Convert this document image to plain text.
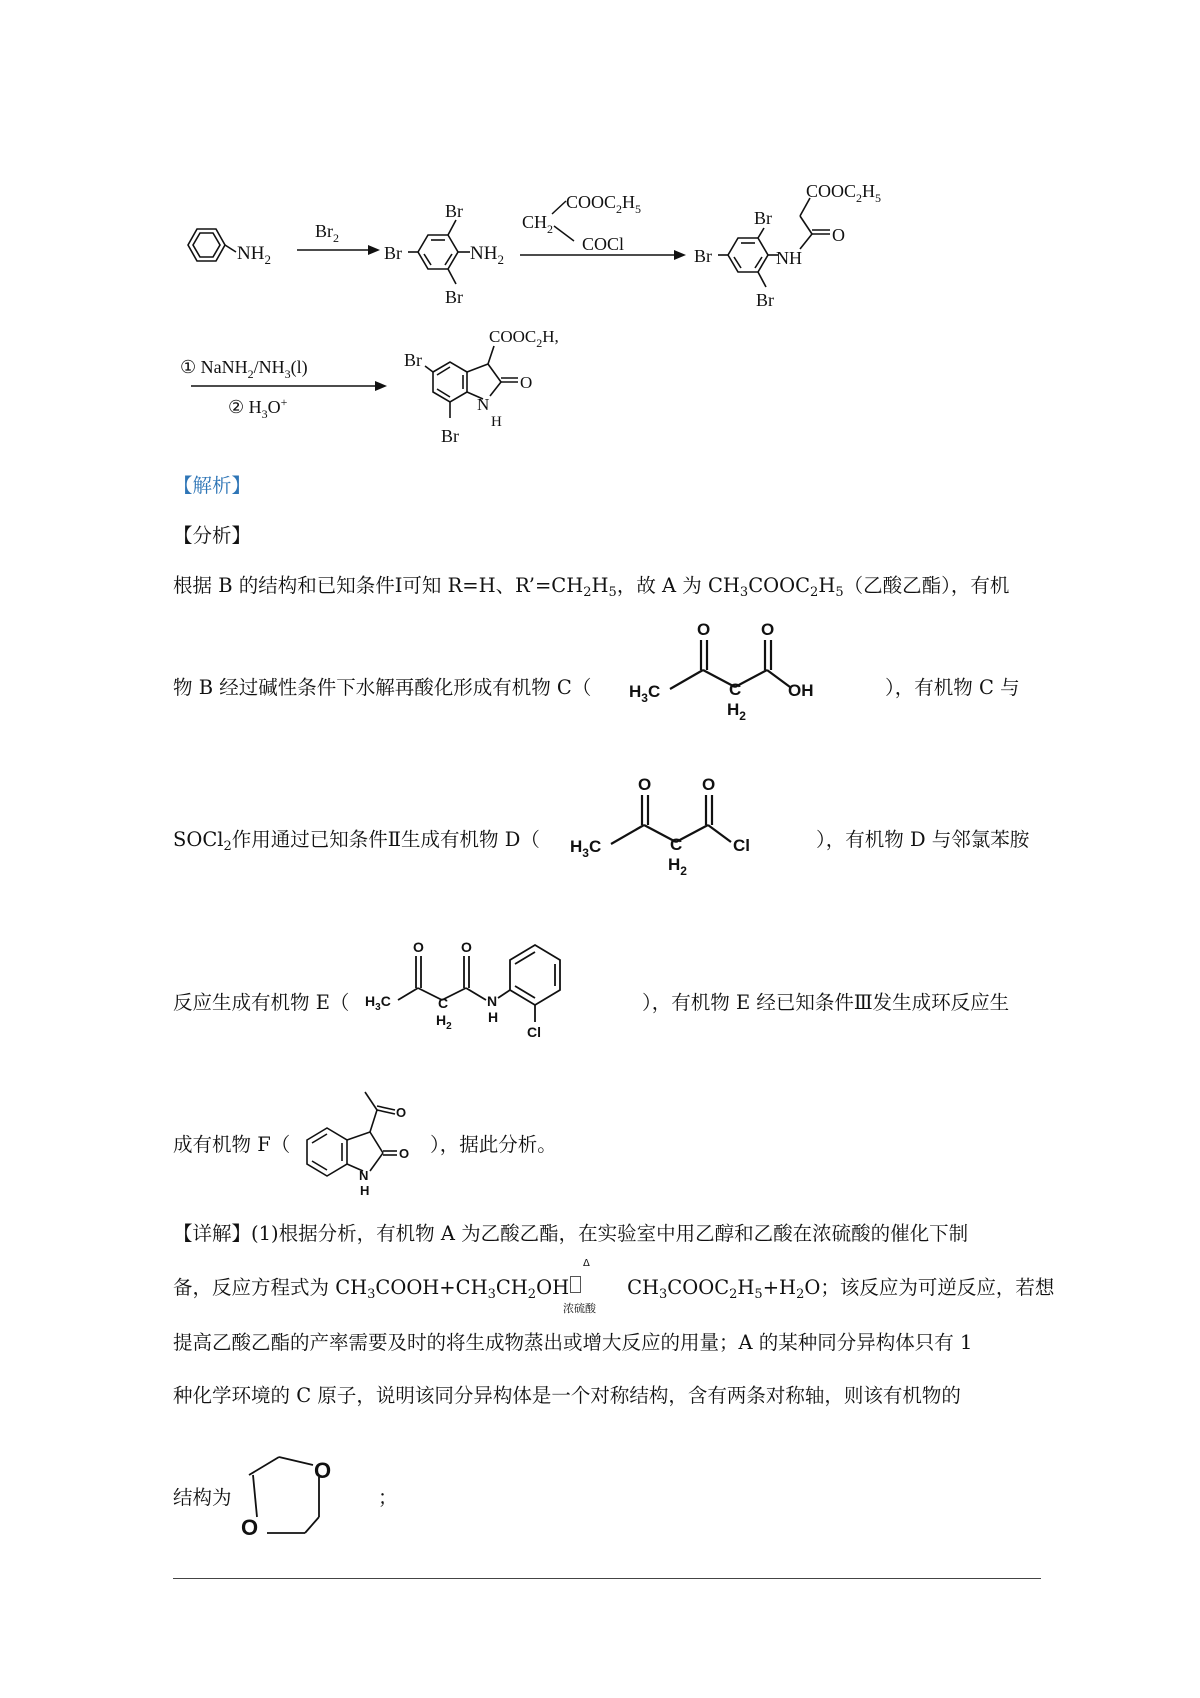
$NH_2$
$Br_2$
Br
Br
Br
$NH_2$
$COOC_2H_5$
$CH_2$
COCl
Br
Br
Br
NH
O
$COOC_2H_5$
① $NaNH_2/NH_3(l)$
② $H_3O^+$
Br
Br
$COOC_2H$,
N
H
O
【解析】
【分析】
根据 B 的结构和已知条件Ⅰ可知 R=H、$R’=CH_2H_5$，故 A 为 $CH_3COOC_2H_5$（乙酸乙酯），有机
物 B 经过碱性条件下水解再酸化形成有机物 C（	$H_3C$
O	O
C
$H_2$
OH	），有机物 C 与
SOCl$_2$作用通过已知条件Ⅱ生成有机物 D（	$H_3C$
O	O
C
$H_2$
Cl	），有机物 D 与邻氯苯胺
反应生成有机物 E（	$H_3C$
O	O
C
$H_2$
N
H
Cl
），有机物 E 经已知条件Ⅲ发生成环反应生
成有机物 F（
O
O
N
H
），据此分析。
【详解】(1)根据分析，有机物 A 为乙酸乙酯，在实验室中用乙醇和乙酸在浓硫酸的催化下制
备，反应方程式为 $CH_3COOH+CH_3CH_2OH$	$CH_3COOC_2H_5+H_2O$；该反应为可逆反应，若想
Δ
浓硫酸
提高乙酸乙酯的产率需要及时的将生成物蒸出或增大反应的用量；A 的某种同分异构体只有 1
种化学环境的 C 原子，说明该同分异构体是一个对称结构，含有两条对称轴，则该有机物的
结构为
O
O
；
